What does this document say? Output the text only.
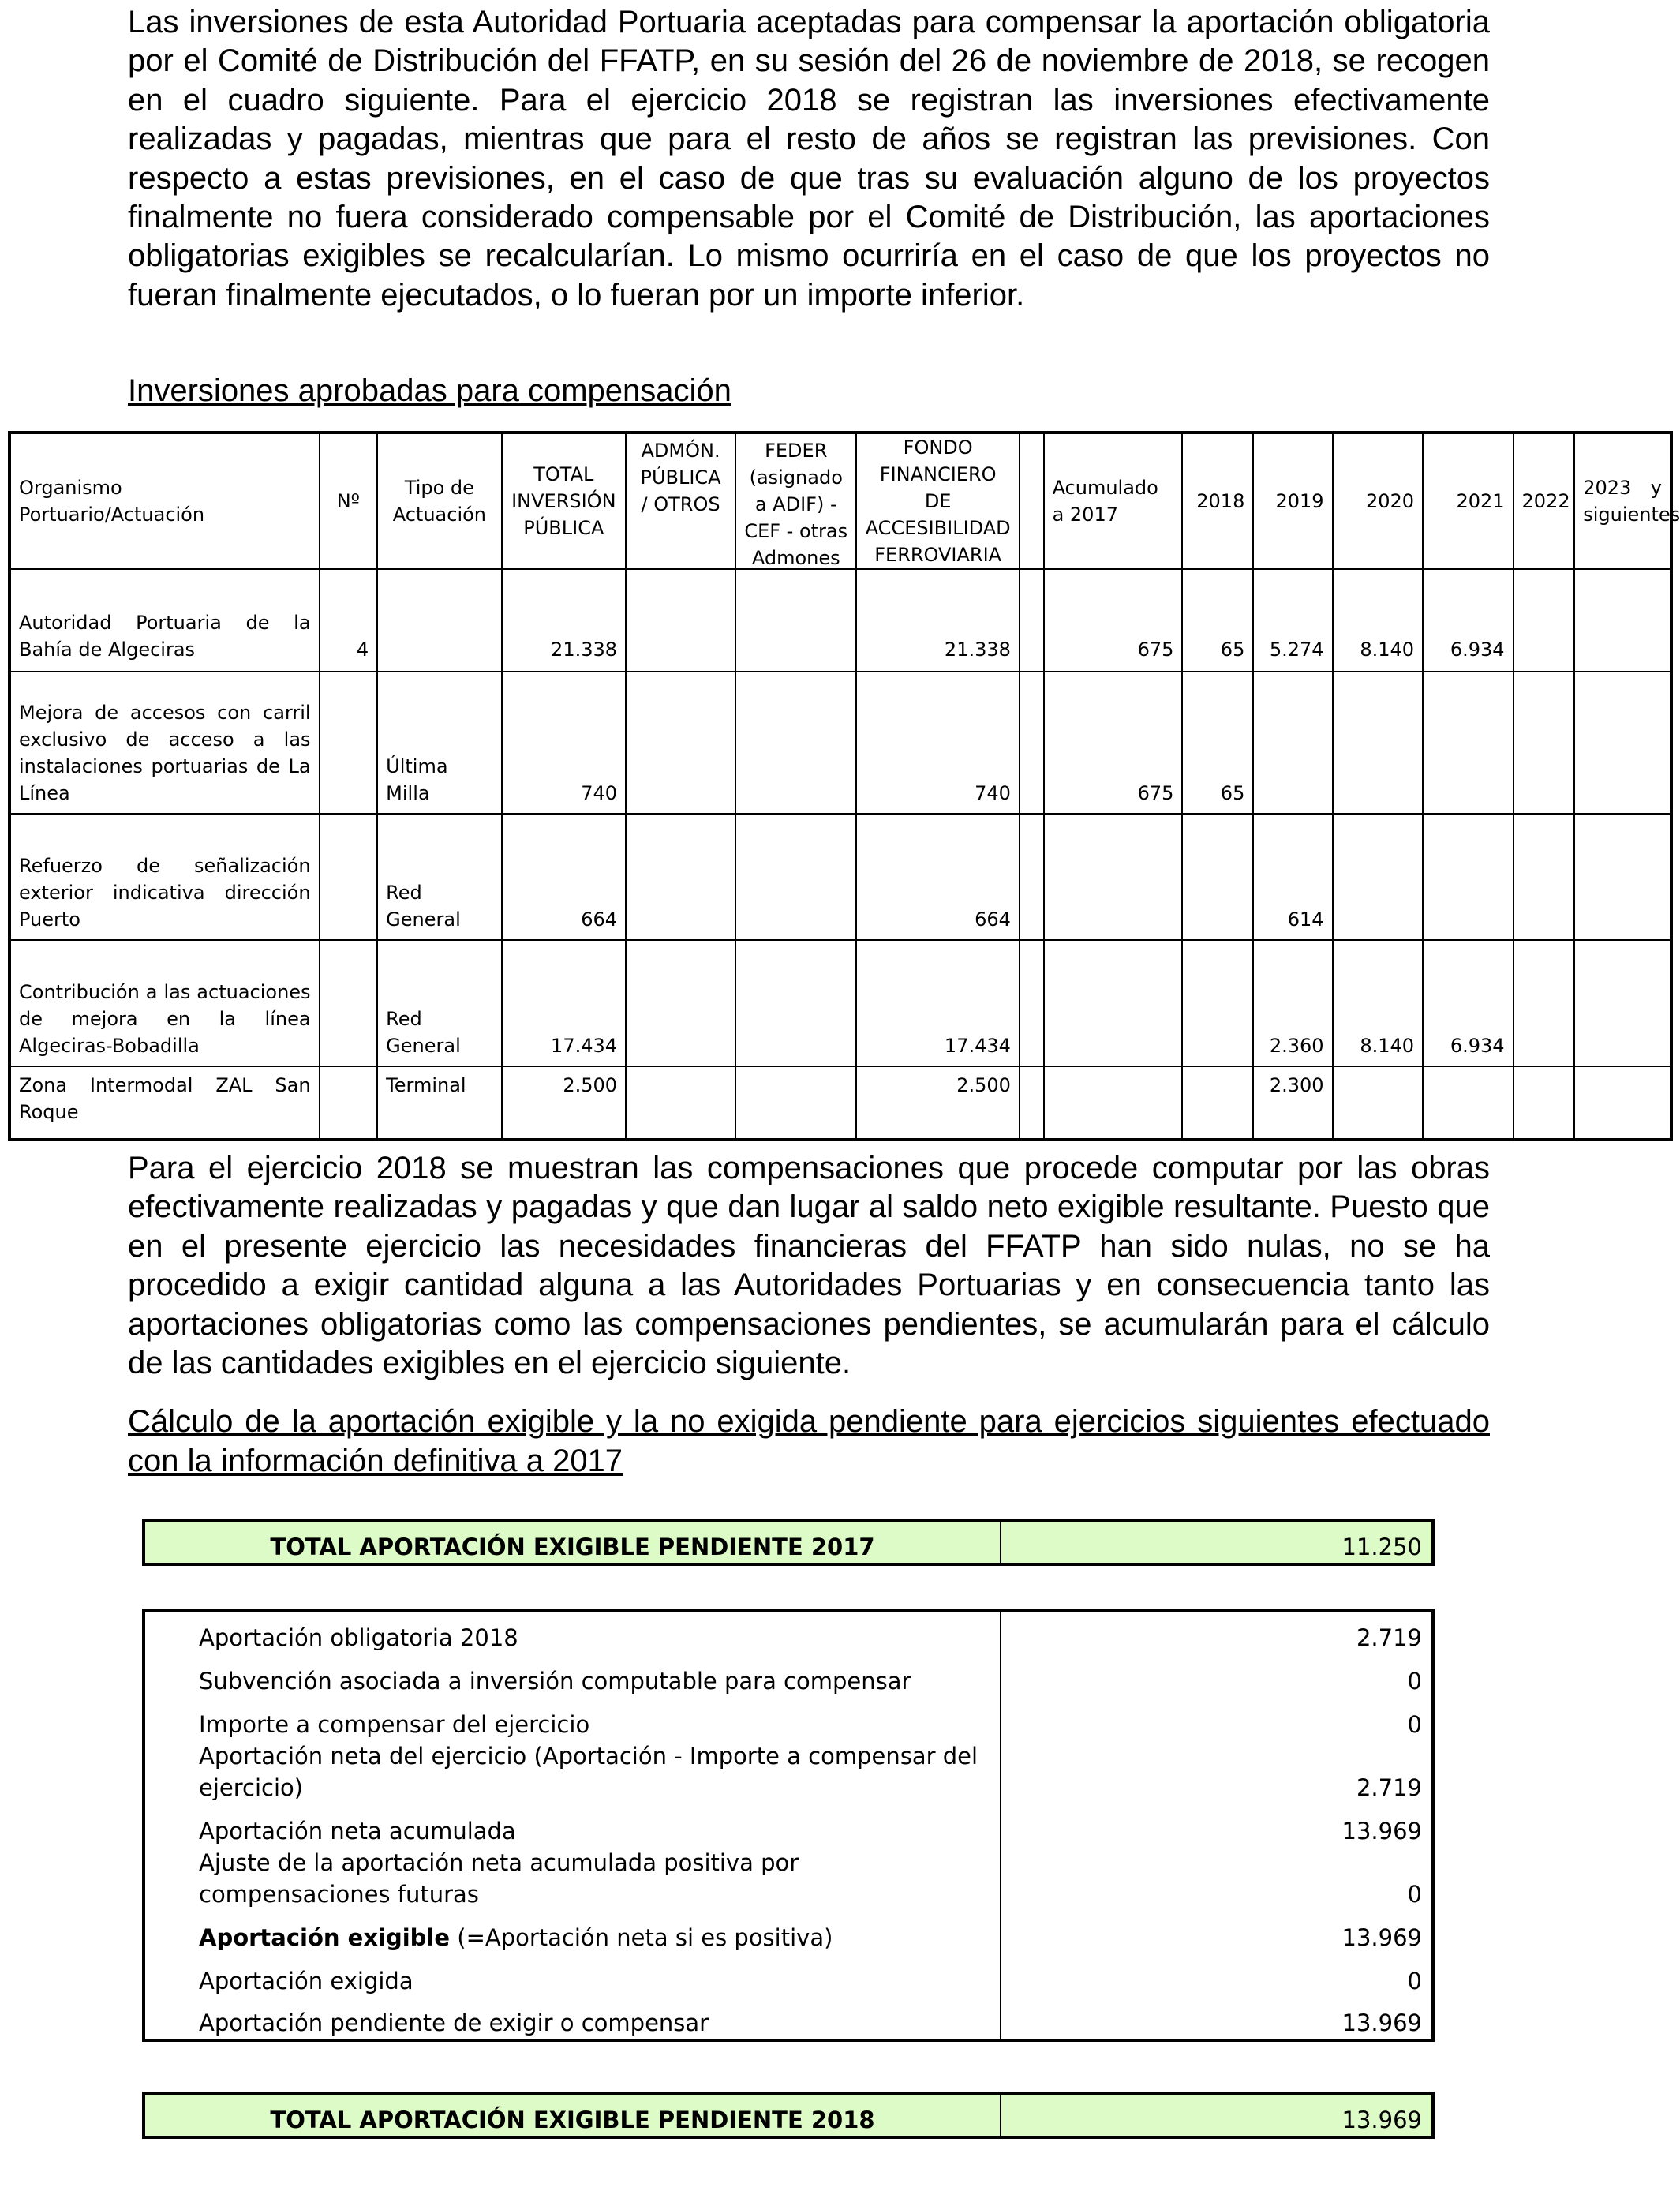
Las inversiones de esta Autoridad Portuaria aceptadas para compensar la aportación obligatoria por el Comité de Distribución del FFATP, en su sesión del 26 de noviembre de 2018, se recogen en el cuadro siguiente. Para el ejercicio 2018 se registran las inversiones efectivamente realizadas y pagadas, mientras que para el resto de años se registran las previsiones. Con respecto a estas previsiones, en el caso de que tras su evaluación alguno de los proyectos finalmente no fuera considerado compensable por el Comité de Distribución, las aportaciones obligatorias exigibles se recalcularían. Lo mismo ocurriría en el caso de que los proyectos no fueran finalmente ejecutados, o lo fueran por un importe inferior.

Inversiones aprobadas para compensación

Organismo Portuario/Actuación	Nº	Tipo de Actuación	TOTAL INVERSIÓN PÚBLICA	ADMÓN. PÚBLICA / OTROS	FEDER (asignado a ADIF) - CEF - otras Admones	FONDO FINANCIERO DE ACCESIBILIDAD FERROVIARIA		Acumulado a 2017	2018	2019	2020	2021	2022	2023 y siguientes
Autoridad Portuaria de la Bahía de Algeciras	4		21.338			21.338		675	65	5.274	8.140	6.934		
Mejora de accesos con carril exclusivo de acceso a las instalaciones portuarias de La Línea		Última Milla	740			740		675	65					
Refuerzo de señalización exterior indicativa dirección Puerto		Red General	664			664				614				
Contribución a las actuaciones de mejora en la línea Algeciras-Bobadilla		Red General	17.434			17.434				2.360	8.140	6.934		
Zona Intermodal ZAL San Roque		Terminal	2.500			2.500				2.300				

Para el ejercicio 2018 se muestran las compensaciones que procede computar por las obras efectivamente realizadas y pagadas y que dan lugar al saldo neto exigible resultante. Puesto que en el presente ejercicio las necesidades financieras del FFATP han sido nulas, no se ha procedido a exigir cantidad alguna a las Autoridades Portuarias y en consecuencia tanto las aportaciones obligatorias como las compensaciones pendientes, se acumularán para el cálculo de las cantidades exigibles en el ejercicio siguiente.

Cálculo de la aportación exigible y la no exigida pendiente para ejercicios siguientes efectuado con la información definitiva a 2017

TOTAL APORTACIÓN EXIGIBLE PENDIENTE 2017	11.250
Aportación obligatoria 2018	2.719
Subvención asociada a inversión computable para compensar	0
Importe a compensar del ejercicio	0
Aportación neta del ejercicio (Aportación - Importe a compensar del ejercicio)	2.719
Aportación neta acumulada	13.969
Ajuste de la aportación neta acumulada positiva por compensaciones futuras	0
Aportación exigible (=Aportación neta si es positiva)	13.969
Aportación exigida	0
Aportación pendiente de exigir o compensar	13.969
TOTAL APORTACIÓN EXIGIBLE PENDIENTE 2018	13.969
